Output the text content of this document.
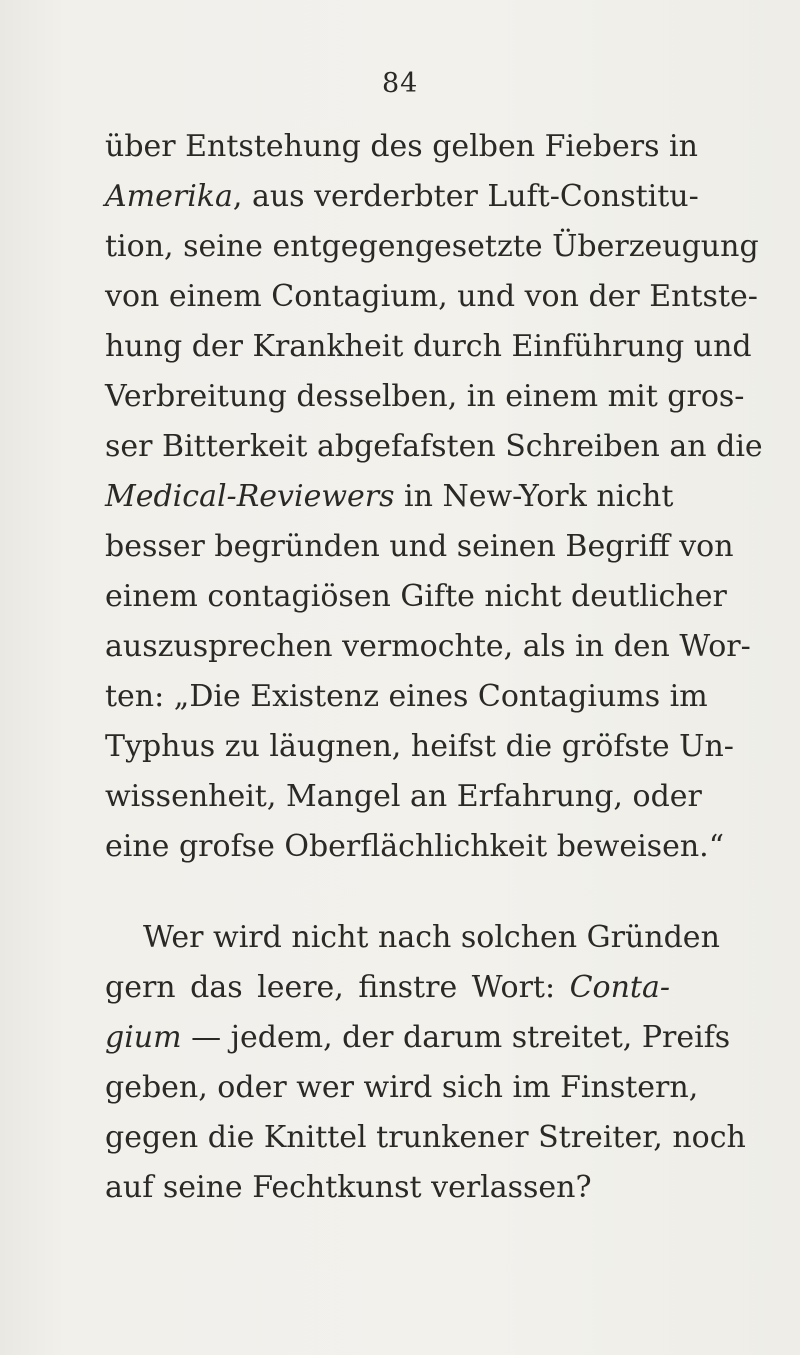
84
über Entstehung des gelben Fiebers in
Amerika, aus verderbter Luft-Constitu-
tion, seine entgegengesetzte Überzeugung
von einem Contagium, und von der Entste-
hung der Krankheit durch Einführung und
Verbreitung desselben, in einem mit gros-
ser Bitterkeit abgefafsten Schreiben an die
Medical-Reviewers in New-York nicht
besser begründen und seinen Begriff von
einem contagiösen Gifte nicht deutlicher
auszusprechen vermochte, als in den Wor-
ten: „Die Existenz eines Contagiums im
Typhus zu läugnen, heifst die gröfste Un-
wissenheit, Mangel an Erfahrung, oder
eine grofse Oberflächlichkeit beweisen.“
Wer wird nicht nach solchen Gründen
gern das leere, finstre Wort: Conta-
gium — jedem, der darum streitet, Preifs
geben, oder wer wird sich im Finstern,
gegen die Knittel trunkener Streiter, noch
auf seine Fechtkunst verlassen?
